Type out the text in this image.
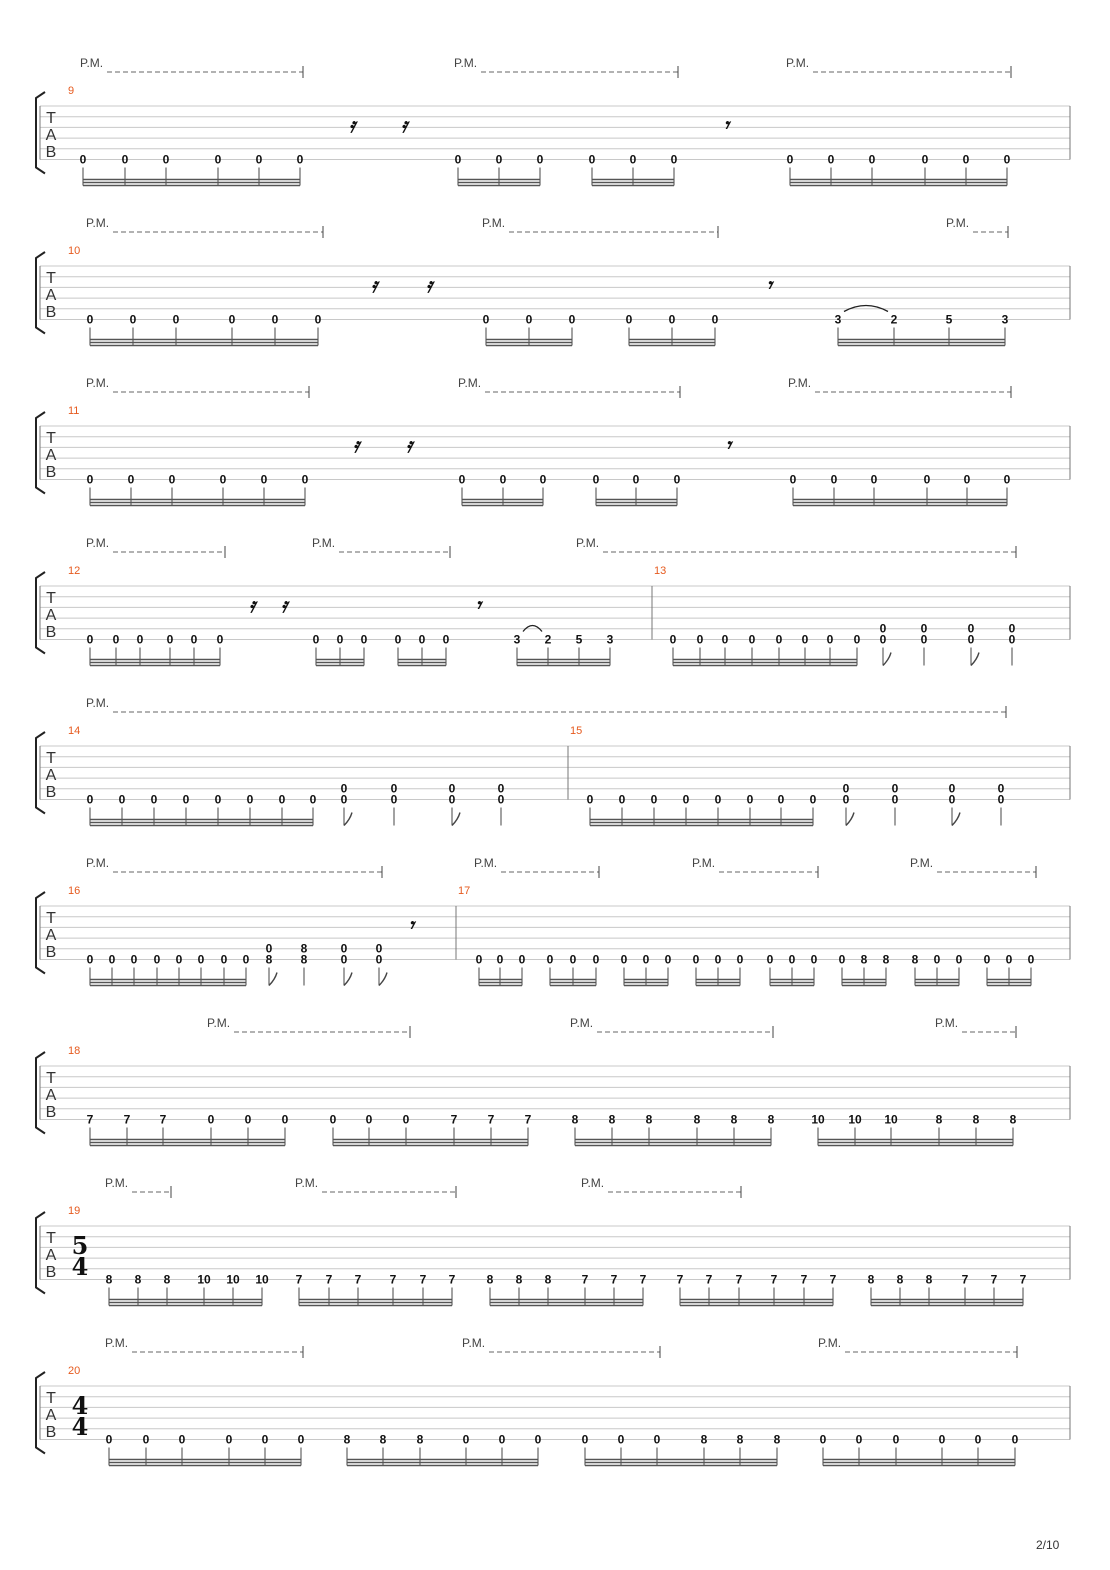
T
A
B
9
P.M.	P.M.	P.M.
𝄿 𝄿	𝄾
0	0	0	0	0	0	0	0	0	0	0	0	0	0	0	0	0	0
T
A
B
10
P.M.	P.M.	P.M.
𝄿 𝄿	𝄾
0	0	0	0	0	0	0	0	0	0	0	0	3	2	5	3
T
A
B
11
P.M.	P.M.	P.M.
𝄿 𝄿	𝄾
0	0	0	0	0	0	0	0	0	0	0	0	0	0	0	0	0	0
T
A
B
12	13
P.M.	P.M.	P.M.
𝄿 𝄿	𝄾
0 0 0 0 0 0	0 0 0 0 0 0	3 2 5 3	0 0 0 0 0 0 0 0
0
0
0
0
0
0
0
0
T
A
B
14	15
P.M.
0 0 0 0 0 0 0 0	0 0 0 0 0 0 0 0
0
0
0
0
0
0
0
0
0
0
0
0
0
0
0
0
T
A
B
16	17
P.M.	P.M.	P.M.	P.M.
𝄾
0 0 0 0 0 0 0 0	0 0 0 0 0 0 0 0 0 0 0 0 0 0 0 0 8 8 8 0 0 0 0 0
0
8
8
8
0
0
0
0
T
A
B
18
P.M.	P.M.	P.M.
7	7 7	0	0	0	0 0	0	7	7	7	8	8	8	8	8	8	10 10 10	8	8	8
T
A
B
19
5
4
P.M.	P.M.	P.M.
8 8 8 10 10 10 7 7 7 7 7 7	8 8 8	7 7 7	7 7 7 7 7 7	8 8 8 7 7 7
T
A
B
20
4
4
P.M.	P.M.	P.M.
0	0 0	0 0 0	8 8	8	0 0 0	0 0 0	8 8	8	0 0	0	0 0	0
2/10
